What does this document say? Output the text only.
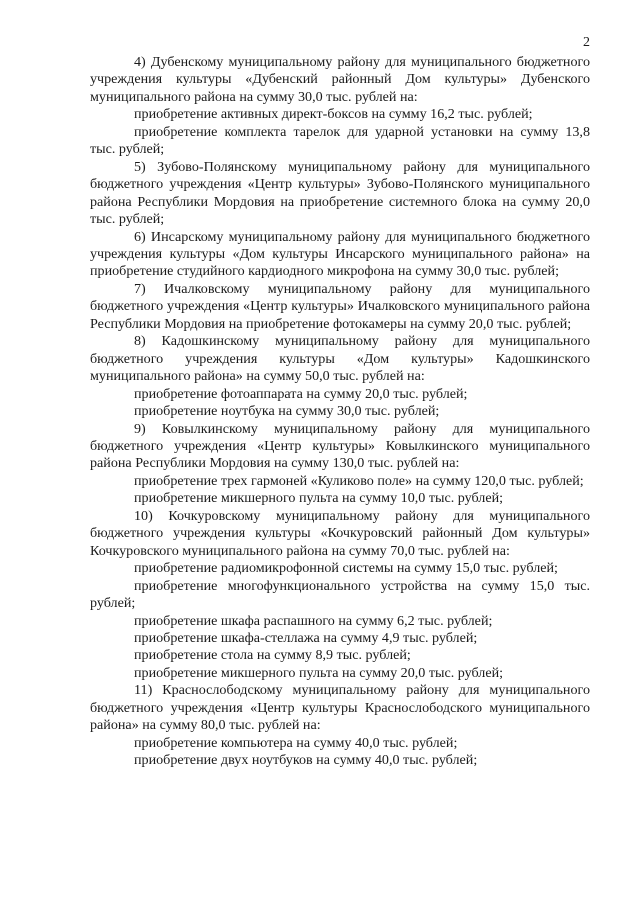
2

4) Дубенскому муниципальному району для муниципального бюджетного учреждения культуры «Дубенский районный Дом культуры» Дубенского муниципального района на сумму 30,0 тыс. рублей на:

приобретение активных директ-боксов на сумму 16,2 тыс. рублей;

приобретение комплекта тарелок для ударной установки на сумму 13,8 тыс. рублей;

5) Зубово-Полянскому муниципальному району для муниципального бюджетного учреждения «Центр культуры» Зубово-Полянского муниципального района Республики Мордовия на приобретение системного блока на сумму 20,0 тыс. рублей;

6) Инсарскому муниципальному району для муниципального бюджетного учреждения культуры «Дом культуры Инсарского муниципального района» на приобретение студийного кардиодного микрофона на сумму 30,0 тыс. рублей;

7) Ичалковскому муниципальному району для муниципального бюджетного учреждения «Центр культуры» Ичалковского муниципального района Республики Мордовия на приобретение фотокамеры на сумму 20,0 тыс. рублей;

8) Кадошкинскому муниципальному району для муниципального бюджетного учреждения культуры «Дом культуры» Кадошкинского муниципального района» на сумму 50,0 тыс. рублей на:

приобретение фотоаппарата на сумму 20,0 тыс. рублей;

приобретение ноутбука на сумму 30,0 тыс. рублей;

9) Ковылкинскому муниципальному району для муниципального бюджетного учреждения «Центр культуры» Ковылкинского муниципального района Республики Мордовия на сумму 130,0 тыс. рублей на:

приобретение трех гармоней «Куликово поле» на сумму 120,0 тыс. рублей;

приобретение микшерного пульта на сумму 10,0 тыс. рублей;

10) Кочкуровскому муниципальному району для муниципального бюджетного учреждения культуры «Кочкуровский районный Дом культуры» Кочкуровского муниципального района на сумму 70,0 тыс. рублей на:

приобретение радиомикрофонной системы на сумму 15,0 тыс. рублей;

приобретение многофункционального устройства на сумму 15,0 тыс. рублей;

приобретение шкафа распашного на сумму 6,2 тыс. рублей;

приобретение шкафа-стеллажа на сумму 4,9 тыс. рублей;

приобретение стола на сумму 8,9 тыс. рублей;

приобретение микшерного пульта на сумму 20,0 тыс. рублей;

11) Краснослободскому муниципальному району для муниципального бюджетного учреждения «Центр культуры Краснослободского муниципального района» на сумму 80,0 тыс. рублей на:

приобретение компьютера на сумму 40,0 тыс. рублей;

приобретение двух ноутбуков на сумму 40,0 тыс. рублей;
